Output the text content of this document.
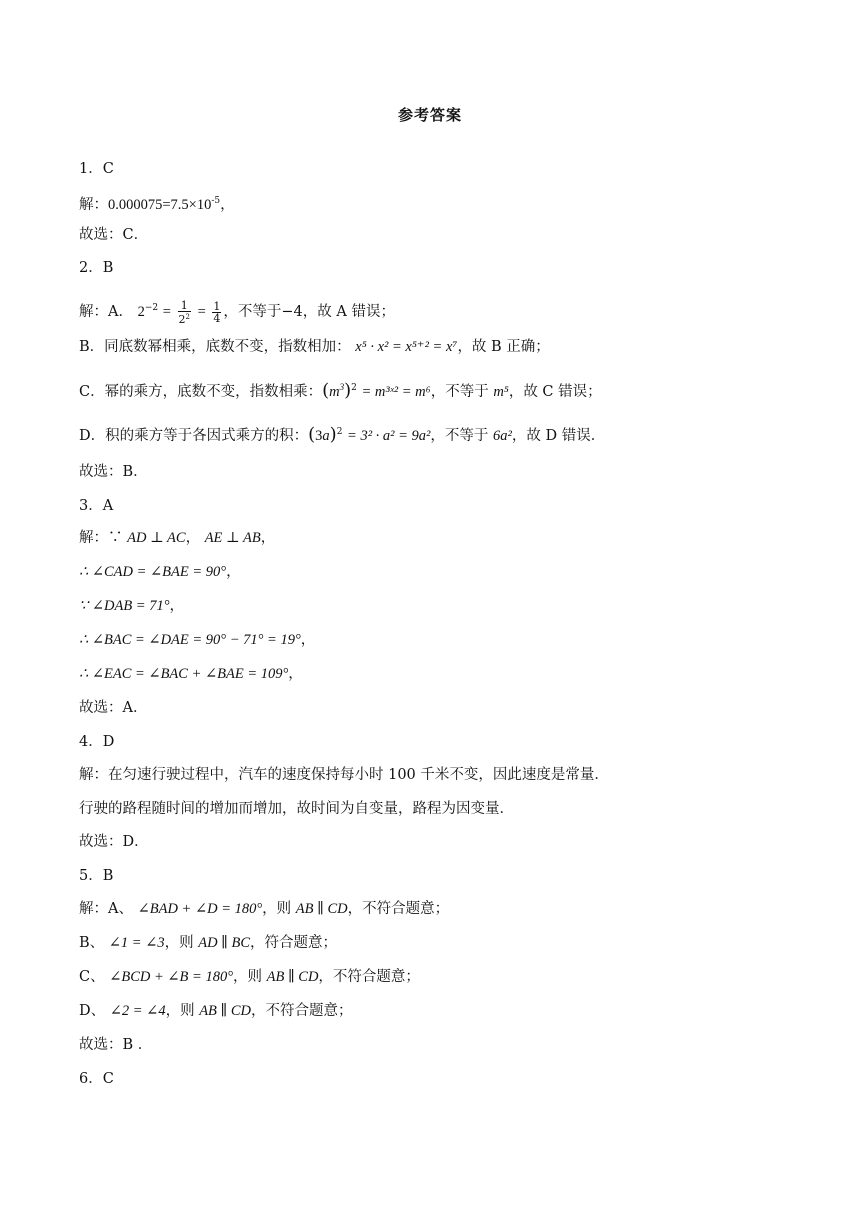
参考答案
1．C
解：$0.000075=7.5\times 10^{-5}$，
故选：C．
2．B
解：A． $2^{-2} = \frac{1}{2^2} = \frac{1}{4}$ ，不等于−4，故 A 错误；
B．同底数幂相乘，底数不变，指数相加： x⁵ · x² = x⁵⁺² = x⁷，故 B 正确；
C．幂的乘方，底数不变，指数相乘：$(m^3)^2$ = m³ˣ² = m⁶，不等于 m⁵，故 C 错误；
D．积的乘方等于各因式乘方的积：$(3a)^2 = 3^2 \cdot a^2 = 9a^2$，不等于 6a²，故 D 错误．
故选：B．
3．A
解：∵ AD ⊥ AC， AE ⊥ AB，
∴ ∠CAD = ∠BAE = 90°，
∵ ∠DAB = 71°，
∴ ∠BAC = ∠DAE = 90° − 71° = 19°，
∴ ∠EAC = ∠BAC + ∠BAE = 109°，
故选：A．
4．D
解：在匀速行驶过程中，汽车的速度保持每小时 100 千米不变，因此速度是常量．
行驶的路程随时间的增加而增加，故时间为自变量，路程为因变量．
故选：D．
5．B
解：A、 ∠BAD + ∠D = 180°，则 AB ∥ CD，不符合题意；
B、 ∠1 = ∠3，则 AD ∥ BC，符合题意；
C、 ∠BCD + ∠B = 180°，则 AB ∥ CD，不符合题意；
D、 ∠2 = ∠4，则 AB ∥ CD，不符合题意；
故选：B ．
6．C
